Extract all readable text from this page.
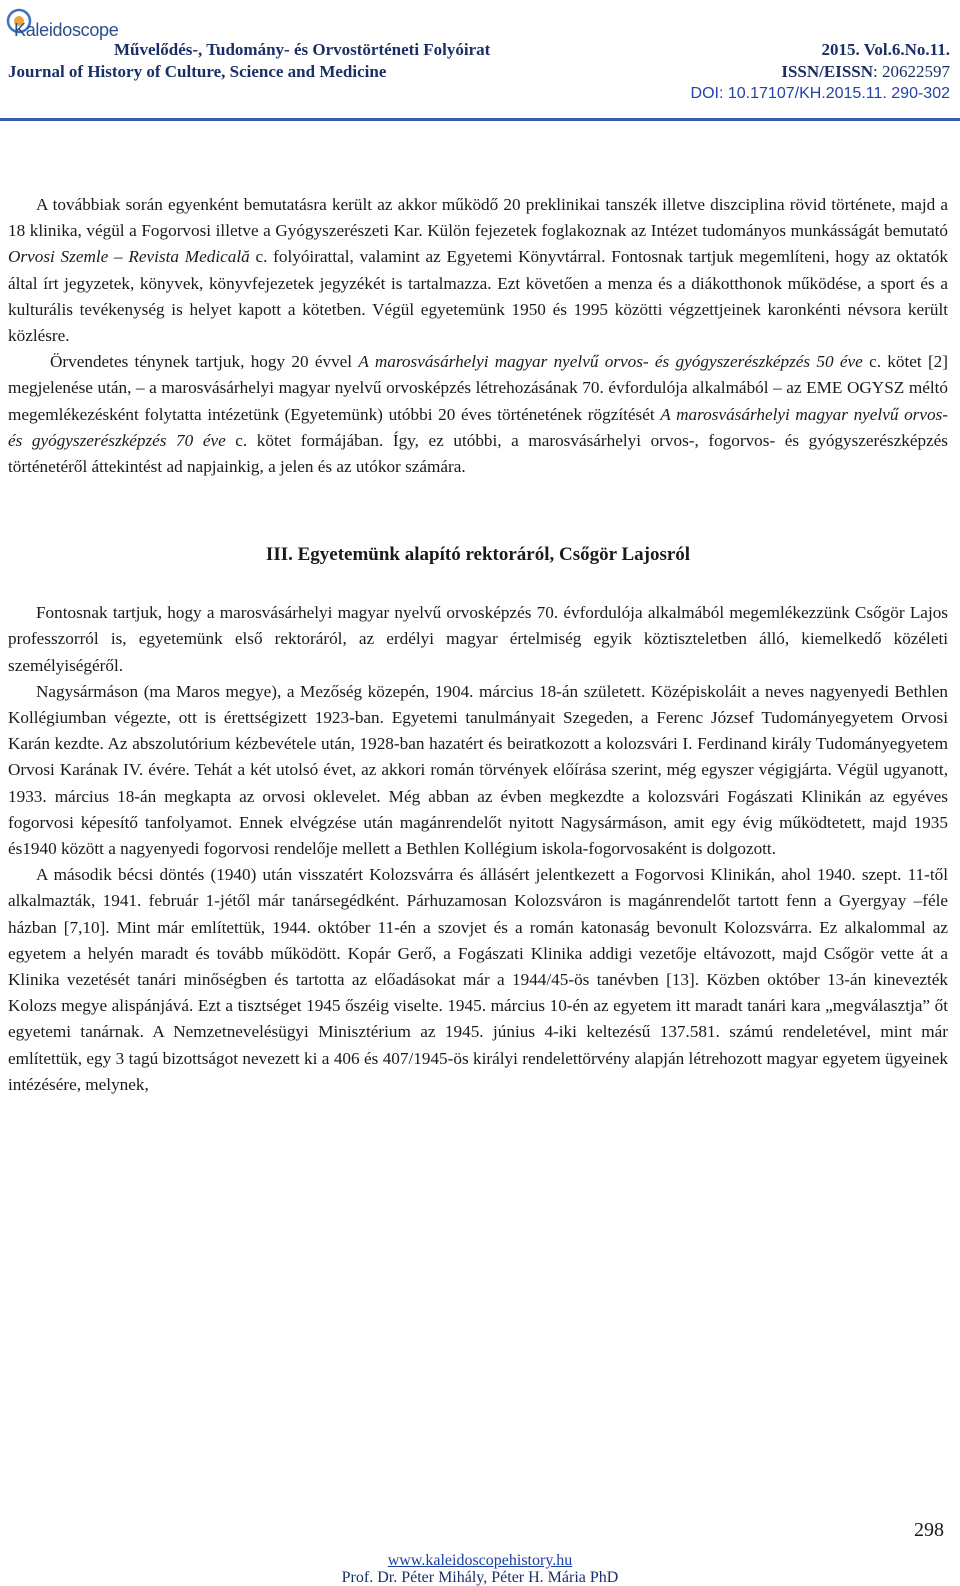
Kaleidoscope
Művelődés-, Tudomány- és Orvostörténeti Folyóirat
Journal of History of Culture, Science and Medicine
2015. Vol.6.No.11.
ISSN/EISSN: 20622597
DOI: 10.17107/KH.2015.11. 290-302

A továbbiak során egyenként bemutatásra került az akkor működő 20 preklinikai tanszék illetve diszciplina rövid története, majd a 18 klinika, végül a Fogorvosi illetve a Gyógyszerészeti Kar. Külön fejezetek foglakoznak az Intézet tudományos munkásságát bemutató Orvosi Szemle – Revista Medicală c. folyóirattal, valamint az Egyetemi Könyvtárral. Fontosnak tartjuk megemlíteni, hogy az oktatók által írt jegyzetek, könyvek, könyvfejezetek jegyzékét is tartalmazza. Ezt követően a menza és a diákotthonok működése, a sport és a kulturális tevékenység is helyet kapott a kötetben. Végül egyetemünk 1950 és 1995 közötti végzettjeinek karonkénti névsora került közlésre.

Örvendetes ténynek tartjuk, hogy 20 évvel A marosvásárhelyi magyar nyelvű orvos- és gyógyszerészképzés 50 éve c. kötet [2] megjelenése után, – a marosvásárhelyi magyar nyelvű orvosképzés létrehozásának 70. évfordulója alkalmából – az EME OGYSZ méltó megemlékezésként folytatta intézetünk (Egyetemünk) utóbbi 20 éves történetének rögzítését A marosvásárhelyi magyar nyelvű orvos- és gyógyszerészképzés 70 éve c. kötet formájában. Így, ez utóbbi, a marosvásárhelyi orvos-, fogorvos- és gyógyszerészképzés történetéről áttekintést ad napjainkig, a jelen és az utókor számára.

III. Egyetemünk alapító rektoráról, Csőgör Lajosról

Fontosnak tartjuk, hogy a marosvásárhelyi magyar nyelvű orvosképzés 70. évfordulója alkalmából megemlékezzünk Csőgör Lajos professzorról is, egyetemünk első rektoráról, az erdélyi magyar értelmiség egyik köztiszteletben álló, kiemelkedő közéleti személyiségéről.

Nagysármáson (ma Maros megye), a Mezőség közepén, 1904. március 18-án született. Középiskoláit a neves nagyenyedi Bethlen Kollégiumban végezte, ott is érettségizett 1923-ban. Egyetemi tanulmányait Szegeden, a Ferenc József Tudományegyetem Orvosi Karán kezdte. Az abszolutórium kézbevétele után, 1928-ban hazatért és beiratkozott a kolozsvári I. Ferdinand király Tudományegyetem Orvosi Karának IV. évére. Tehát a két utolsó évet, az akkori román törvények előírása szerint, még egyszer végigjárta. Végül ugyanott, 1933. március 18-án megkapta az orvosi oklevelet. Még abban az évben megkezdte a kolozsvári Fogászati Klinikán az egyéves fogorvosi képesítő tanfolyamot. Ennek elvégzése után magánrendelőt nyitott Nagysármáson, amit egy évig működtetett, majd 1935 és1940 között a nagyenyedi fogorvosi rendelője mellett a Bethlen Kollégium iskola-fogorvosaként is dolgozott.

A második bécsi döntés (1940) után visszatért Kolozsvárra és állásért jelentkezett a Fogorvosi Klinikán, ahol 1940. szept. 11-től alkalmazták, 1941. február 1-jétől már tanársegédként. Párhuzamosan Kolozsváron is magánrendelőt tartott fenn a Gyergyay –féle házban [7,10]. Mint már említettük, 1944. október 11-én a szovjet és a román katonaság bevonult Kolozsvárra. Ez alkalommal az egyetem a helyén maradt és tovább működött. Kopár Gerő, a Fogászati Klinika addigi vezetője eltávozott, majd Csőgör vette át a Klinika vezetését tanári minőségben és tartotta az előadásokat már a 1944/45-ös tanévben [13]. Közben október 13-án kinevezték Kolozs megye alispánjává. Ezt a tisztséget 1945 őszéig viselte. 1945. március 10-én az egyetem itt maradt tanári kara „megválasztja” őt egyetemi tanárnak. A Nemzetnevelésügyi Minisztérium az 1945. június 4-iki keltezésű 137.581. számú rendeletével, mint már említettük, egy 3 tagú bizottságot nevezett ki a 406 és 407/1945-ös királyi rendelettörvény alapján létrehozott magyar egyetem ügyeinek intézésére, melynek,

298
www.kaleidoscopehistory.hu
Prof. Dr. Péter Mihály, Péter H. Mária PhD
